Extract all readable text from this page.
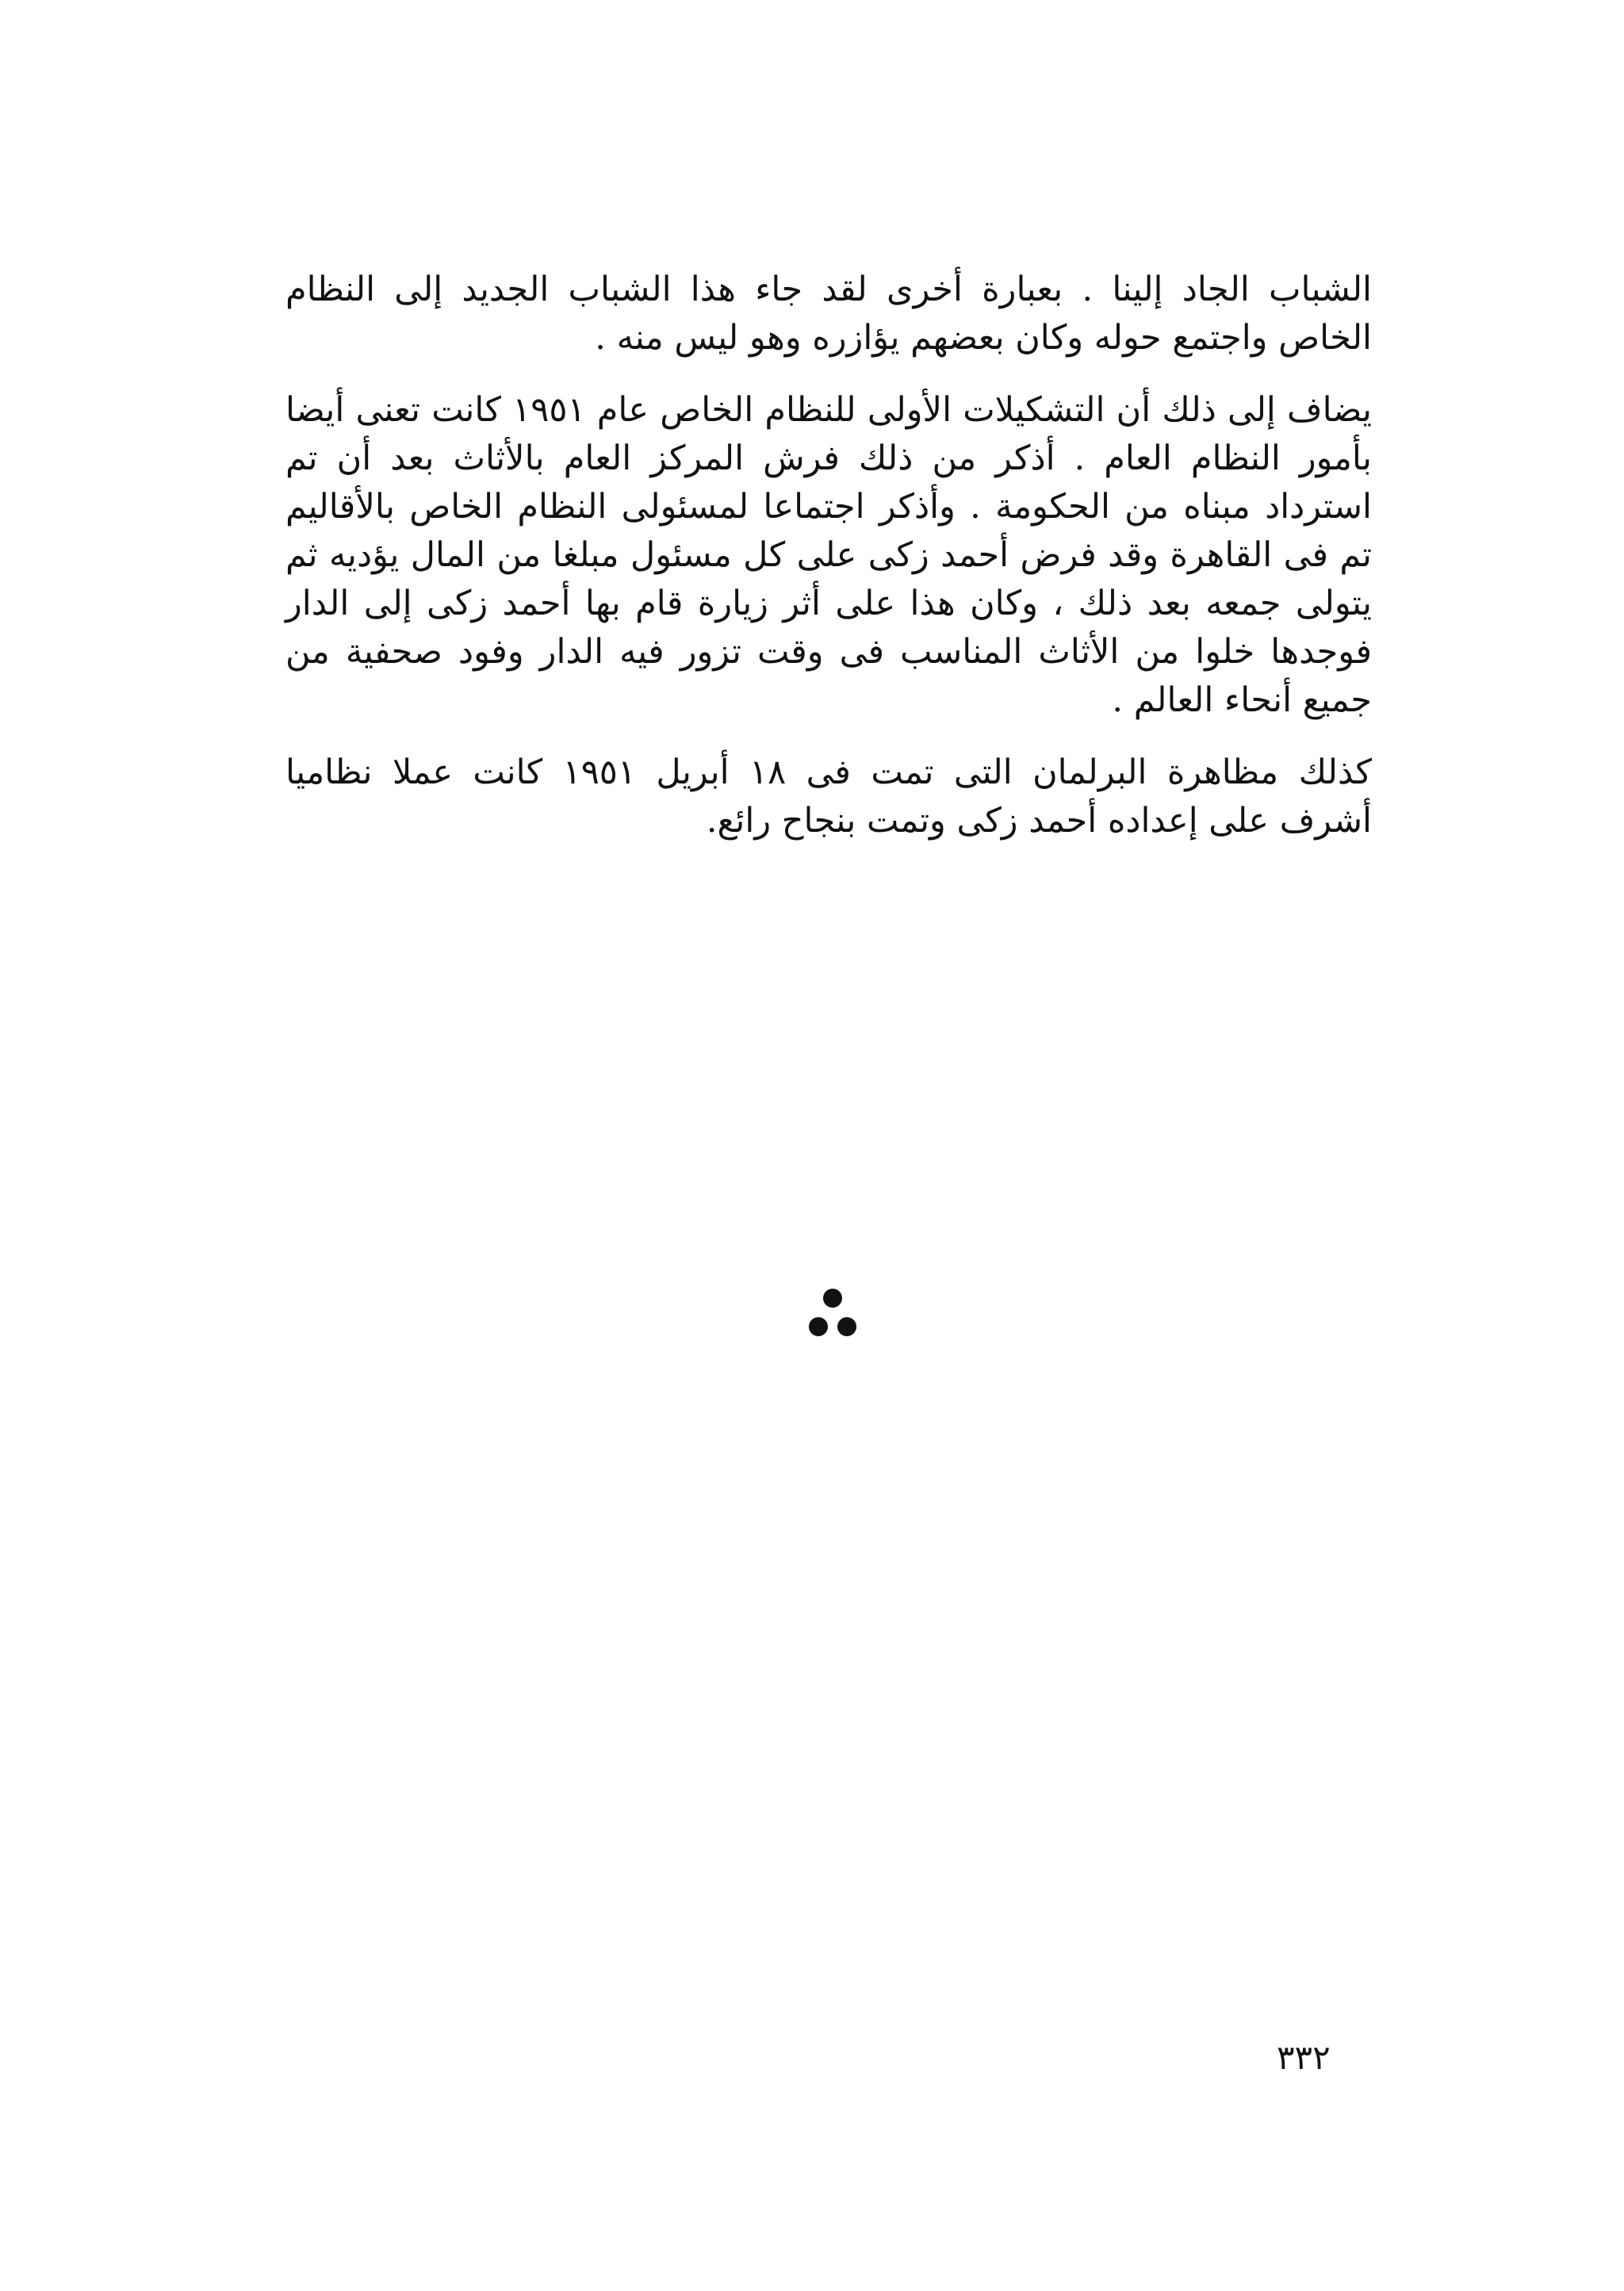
الشباب الجاد إلينا . بعبارة أخرى لقد جاء هذا الشباب الجديد إلى النظام الخاص واجتمع حوله وكان بعضهم يؤازره وهو ليس منه .

يضاف إلى ذلك أن التشكيلات الأولى للنظام الخاص عام ١٩٥١ كانت تعنى أيضا بأمور النظام العام . أذكر من ذلك فرش المركز العام بالأثاث بعد أن تم استرداد مبناه من الحكومة . وأذكر اجتماعا لمسئولى النظام الخاص بالأقاليم تم فى القاهرة وقد فرض أحمد زكى على كل مسئول مبلغا من المال يؤديه ثم يتولى جمعه بعد ذلك ، وكان هذا على أثر زيارة قام بها أحمد زكى إلى الدار فوجدها خلوا من الأثاث المناسب فى وقت تزور فيه الدار وفود صحفية من جميع أنحاء العالم .

كذلك مظاهرة البرلمان التى تمت فى ١٨ أبريل ١٩٥١ كانت عملا نظاميا أشرف على إعداده أحمد زكى وتمت بنجاح رائع.

٣٣٢
